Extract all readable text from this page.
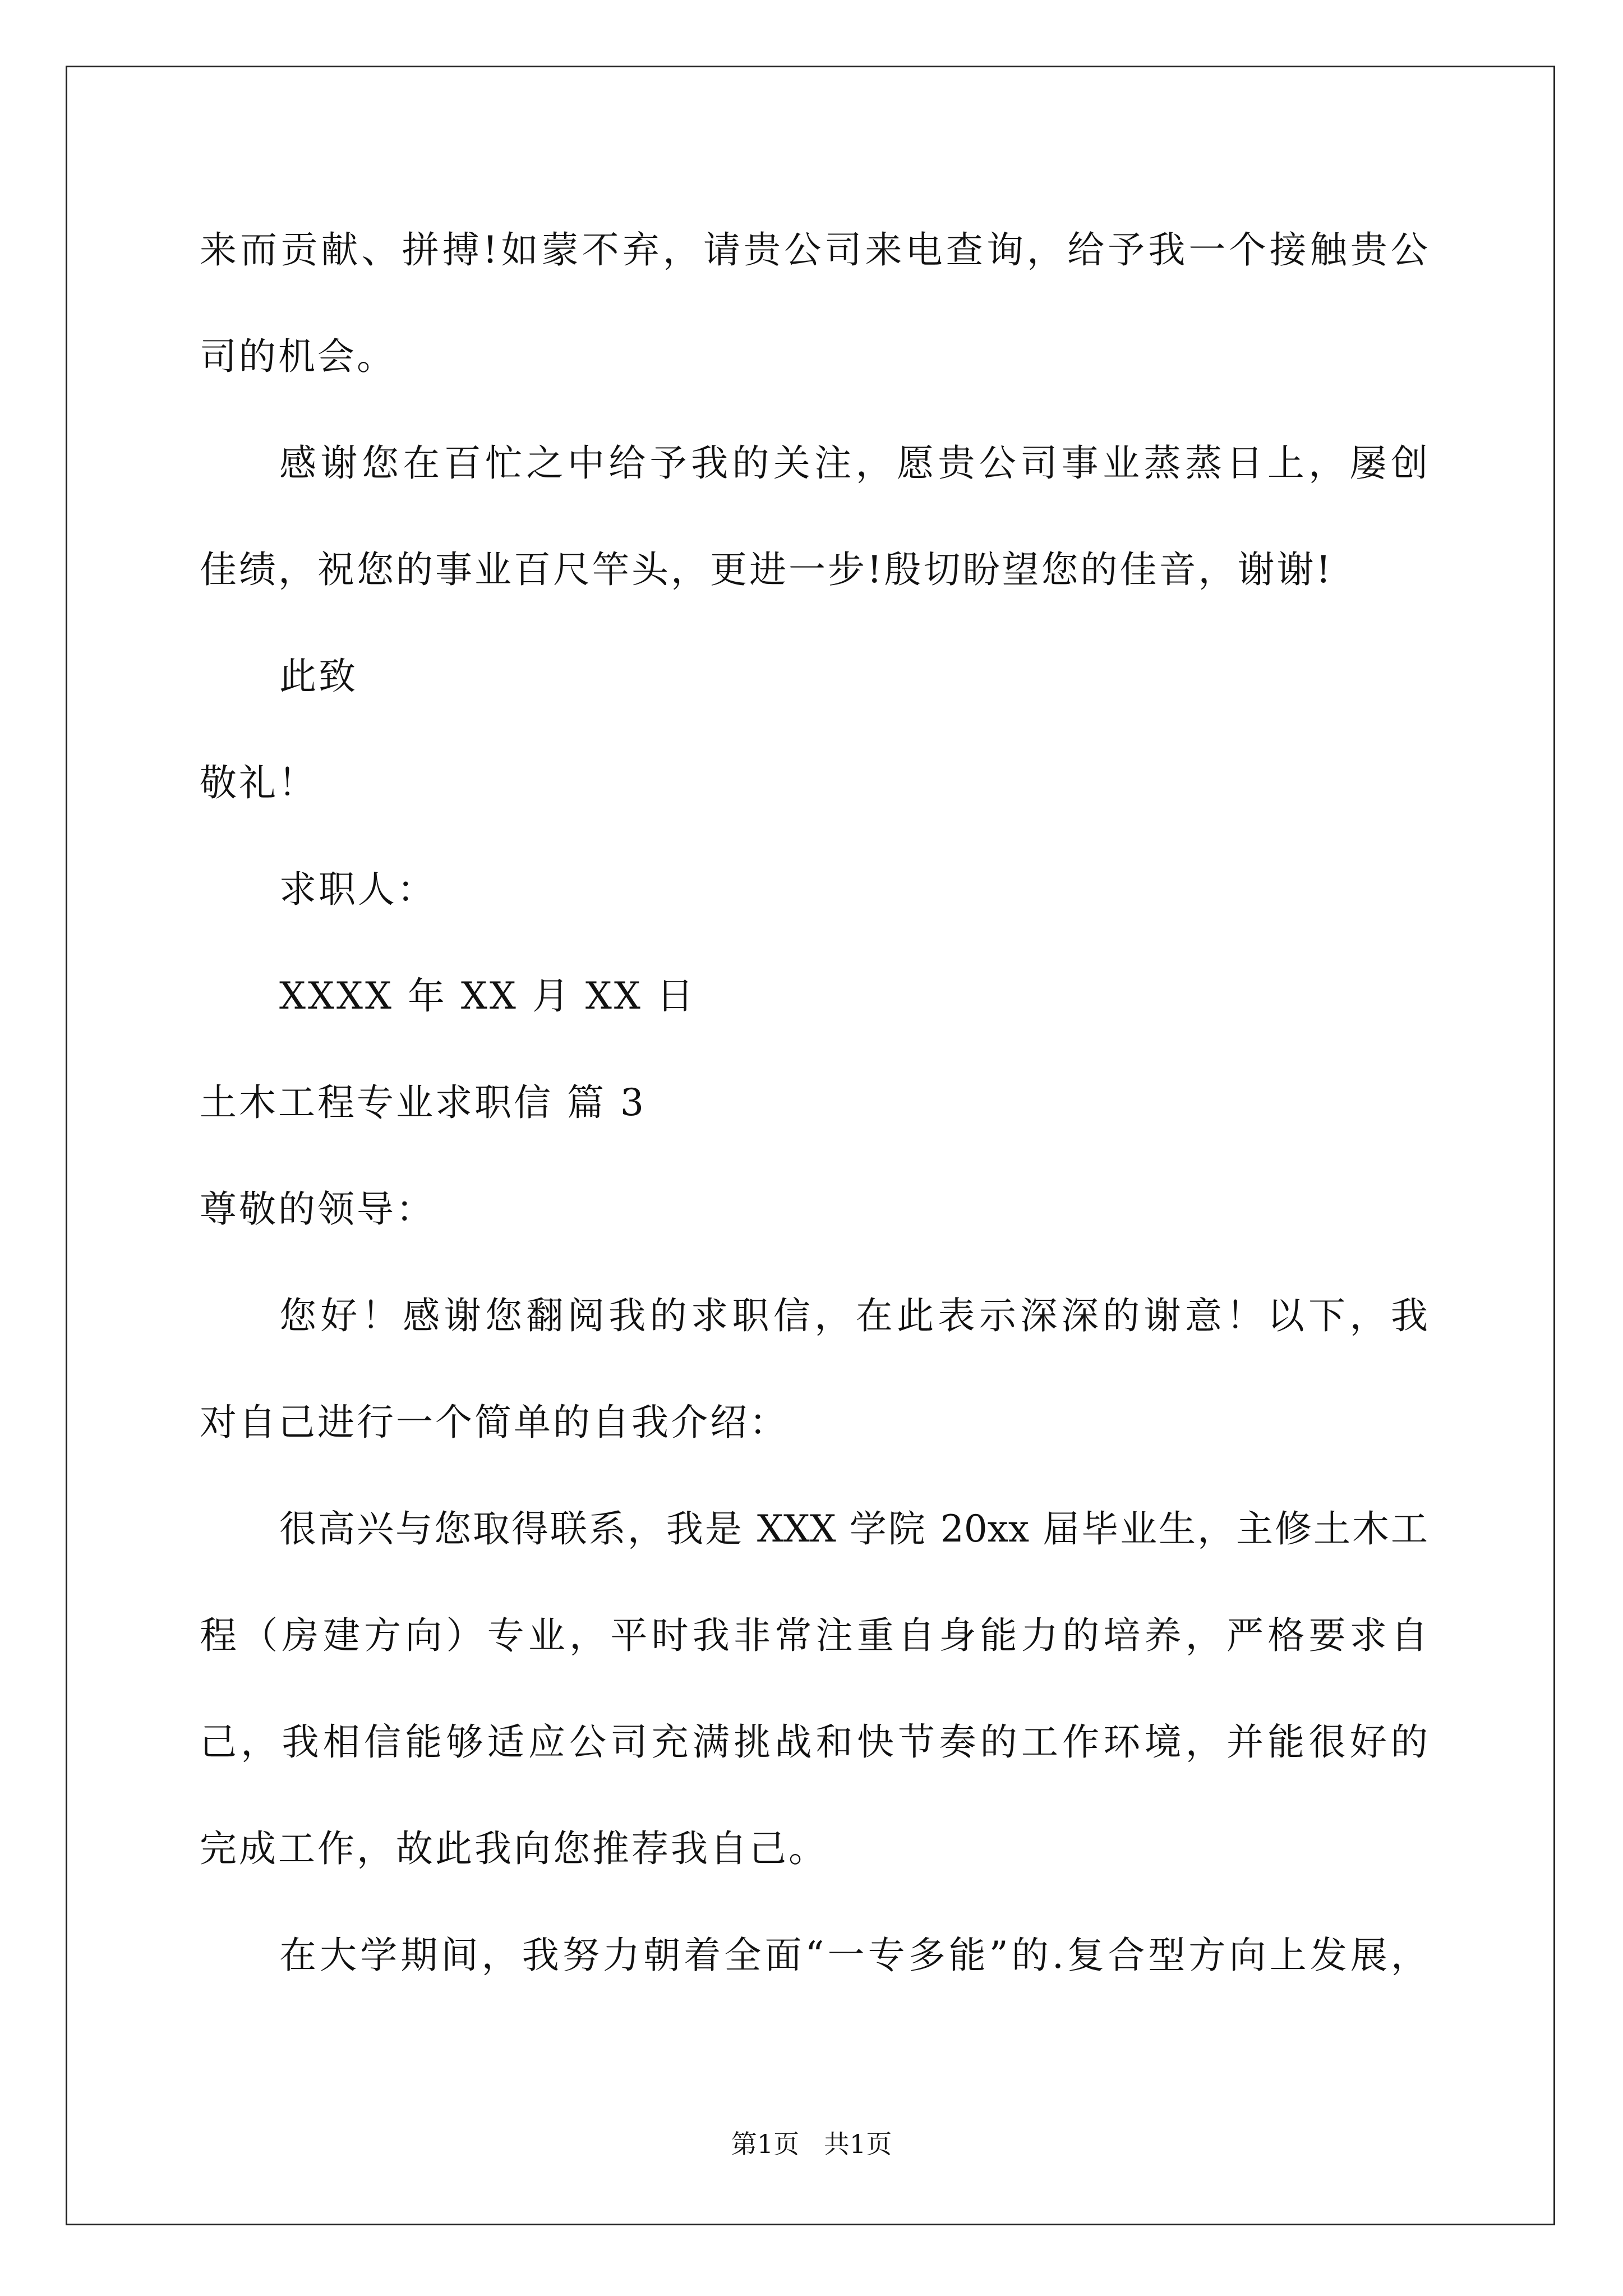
来而贡献、拼搏!如蒙不弃，请贵公司来电查询，给予我一个接触贵公
司的机会。
感谢您在百忙之中给予我的关注，愿贵公司事业蒸蒸日上，屡创
佳绩，祝您的事业百尺竿头，更进一步!殷切盼望您的佳音，谢谢!
此致
敬礼！
求职人：
XXXX 年 XX 月 XX 日
土木工程专业求职信 篇 3
尊敬的领导：
您好！感谢您翻阅我的求职信，在此表示深深的谢意！以下，我
对自己进行一个简单的自我介绍：
很高兴与您取得联系，我是 XXX 学院 20xx 届毕业生，主修土木工
程（房建方向）专业，平时我非常注重自身能力的培养，严格要求自
己，我相信能够适应公司充满挑战和快节奏的工作环境，并能很好的
完成工作，故此我向您推荐我自己。
在大学期间，我努力朝着全面“一专多能”的.复合型方向上发展，
第1页   共1页
